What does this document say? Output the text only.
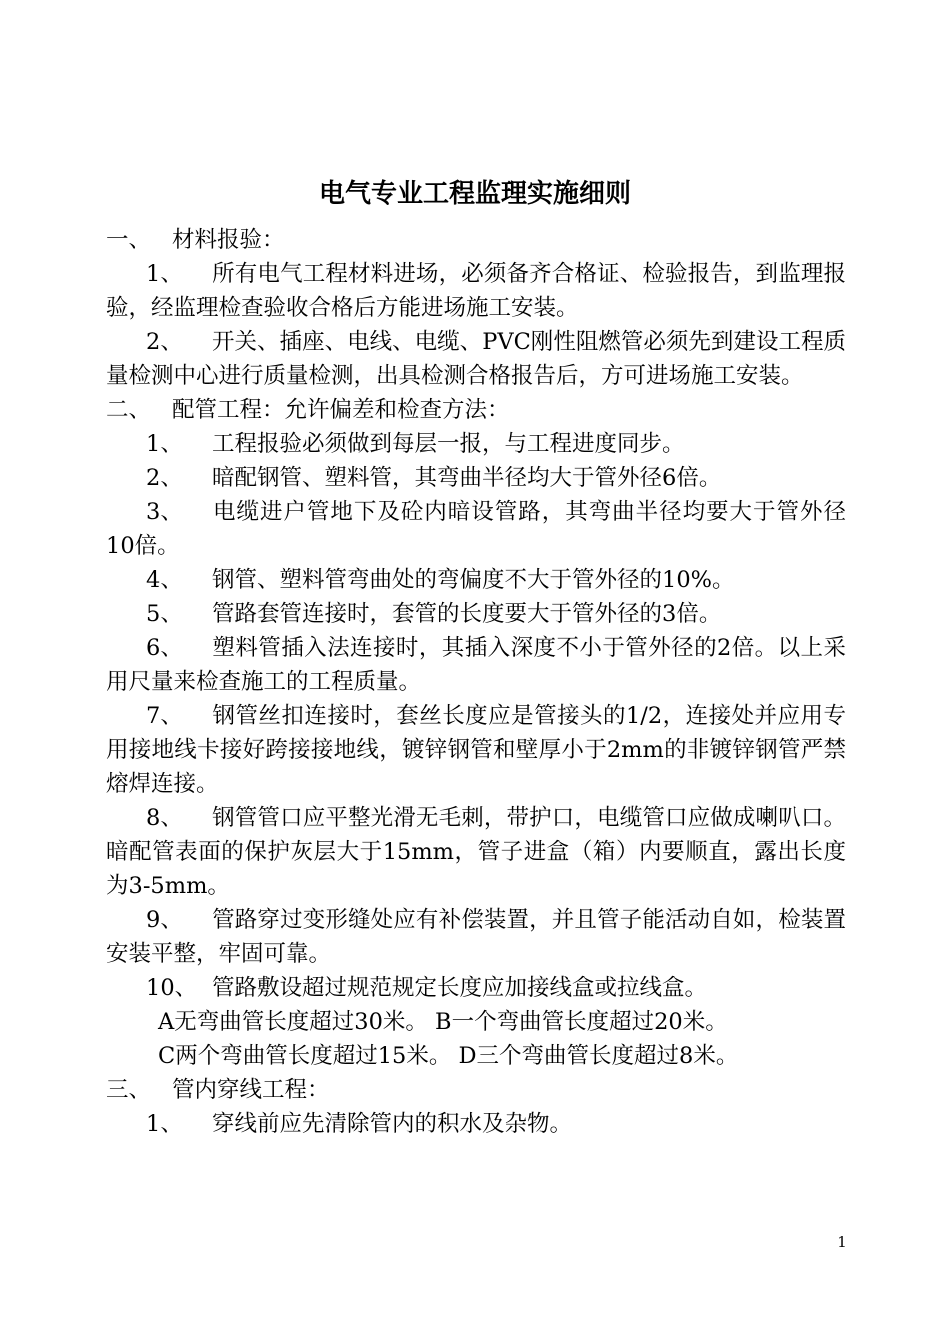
电气专业工程监理实施细则

一、 材料报验：

1、 所有电气工程材料进场，必须备齐合格证、检验报告，到监理报验，经监理检查验收合格后方能进场施工安装。

2、 开关、插座、电线、电缆、PVC刚性阻燃管必须先到建设工程质量检测中心进行质量检测，出具检测合格报告后，方可进场施工安装。

二、 配管工程：允许偏差和检查方法：

1、 工程报验必须做到每层一报，与工程进度同步。

2、 暗配钢管、塑料管，其弯曲半径均大于管外径6倍。

3、 电缆进户管地下及砼内暗设管路，其弯曲半径均要大于管外径10倍。

4、 钢管、塑料管弯曲处的弯偏度不大于管外径的10%。

5、 管路套管连接时，套管的长度要大于管外径的3倍。

6、 塑料管插入法连接时，其插入深度不小于管外径的2倍。以上采用尺量来检查施工的工程质量。

7、 钢管丝扣连接时，套丝长度应是管接头的1/2，连接处并应用专用接地线卡接好跨接接地线，镀锌钢管和壁厚小于2mm的非镀锌钢管严禁熔焊连接。

8、 钢管管口应平整光滑无毛刺，带护口，电缆管口应做成喇叭口。暗配管表面的保护灰层大于15mm，管子进盒（箱）内要顺直，露出长度为3-5mm。

9、 管路穿过变形缝处应有补偿装置，并且管子能活动自如，检装置安装平整，牢固可靠。

10、 管路敷设超过规范规定长度应加接线盒或拉线盒。

A无弯曲管长度超过30米。 B一个弯曲管长度超过20米。

C两个弯曲管长度超过15米。 D三个弯曲管长度超过8米。

三、 管内穿线工程：

1、 穿线前应先清除管内的积水及杂物。

1
